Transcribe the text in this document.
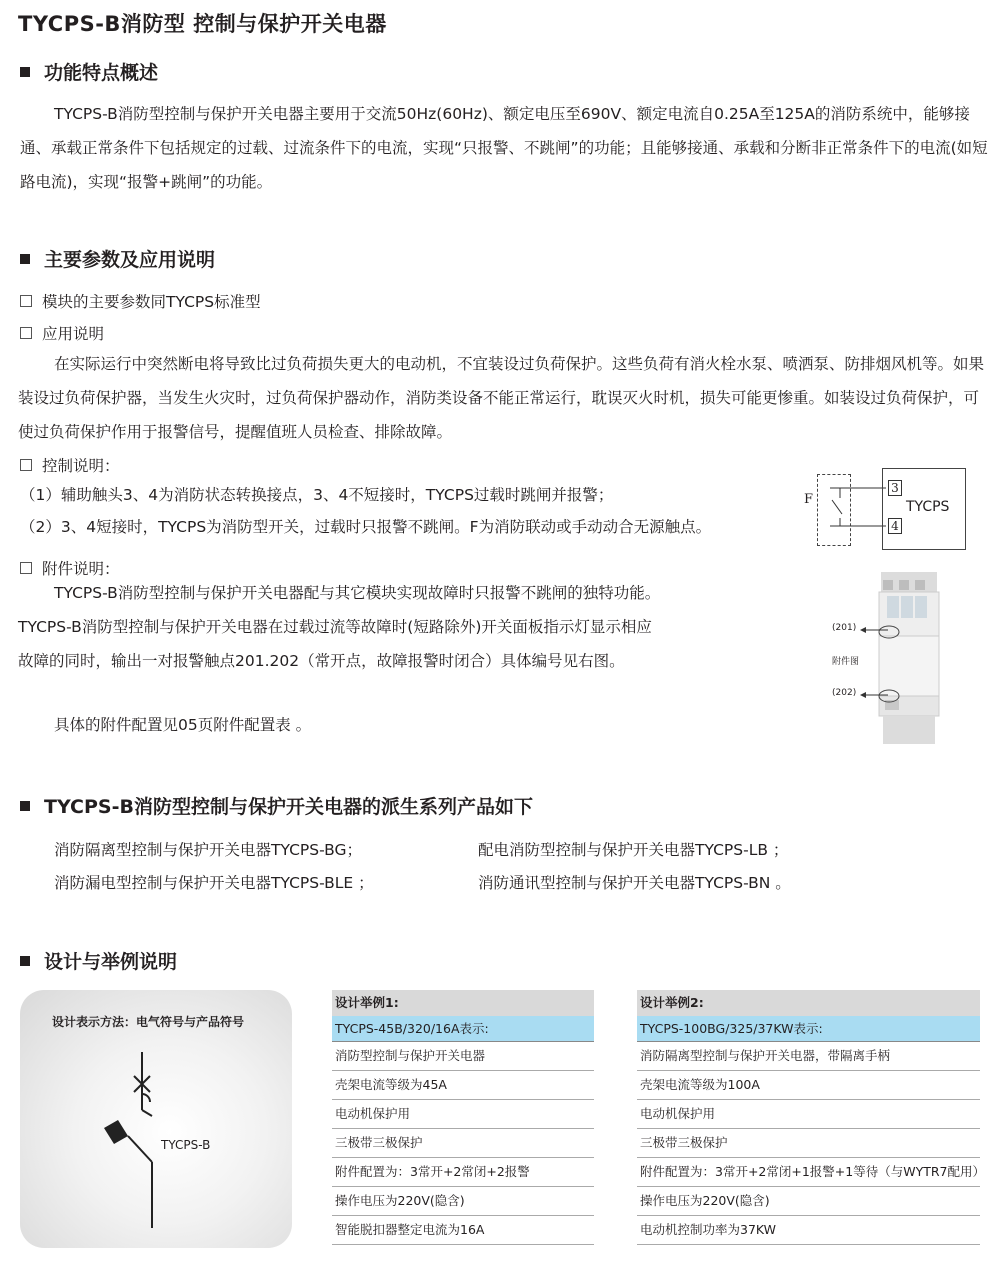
TYCPS-B消防型 控制与保护开关电器
功能特点概述
TYCPS-B消防型控制与保护开关电器主要用于交流50Hz(60Hz)、额定电压至690V、额定电流自0.25A至125A的消防系统中，能够接通、承载正常条件下包括规定的过载、过流条件下的电流，实现“只报警、不跳闸”的功能；且能够接通、承载和分断非正常条件下的电流(如短路电流)，实现“报警+跳闸”的功能。
主要参数及应用说明
模块的主要参数同TYCPS标准型
应用说明
在实际运行中突然断电将导致比过负荷损失更大的电动机，不宜装设过负荷保护。这些负荷有消火栓水泵、喷洒泵、防排烟风机等。如果装设过负荷保护器，当发生火灾时，过负荷保护器动作，消防类设备不能正常运行，耽误灭火时机，损失可能更惨重。如装设过负荷保护，可使过负荷保护作用于报警信号，提醒值班人员检查、排除故障。
控制说明：
（1）辅助触头3、4为消防状态转换接点，3、4不短接时，TYCPS过载时跳闸并报警；
（2）3、4短接时，TYCPS为消防型开关，过载时只报警不跳闸。F为消防联动或手动动合无源触点。
F
3
4
TYCPS
附件说明：
TYCPS-B消防型控制与保护开关电器配与其它模块实现故障时只报警不跳闸的独特功能。TYCPS-B消防型控制与保护开关电器在过载过流等故障时(短路除外)开关面板指示灯显示相应故障的同时，输出一对报警触点201.202（常开点，故障报警时闭合）具体编号见右图。
具体的附件配置见05页附件配置表 。
(201)
附件图
(202)
TYCPS-B消防型控制与保护开关电器的派生系列产品如下
消防隔离型控制与保护开关电器TYCPS-BG；	配电消防型控制与保护开关电器TYCPS-LB ；
消防漏电型控制与保护开关电器TYCPS-BLE ；	消防通讯型控制与保护开关电器TYCPS-BN 。
设计与举例说明
设计表示方法：电气符号与产品符号
TYCPS-B
设计举例1:
TYCPS-45B/320/16A表示:
消防型控制与保护开关电器
壳架电流等级为45A
电动机保护用
三极带三极保护
附件配置为：3常开+2常闭+2报警
操作电压为220V(隐含)
智能脱扣器整定电流为16A
设计举例2:
TYCPS-100BG/325/37KW表示:
消防隔离型控制与保护开关电器，带隔离手柄
壳架电流等级为100A
电动机保护用
三极带三极保护
附件配置为：3常开+2常闭+1报警+1等待（与WYTR7配用）
操作电压为220V(隐含)
电动机控制功率为37KW
